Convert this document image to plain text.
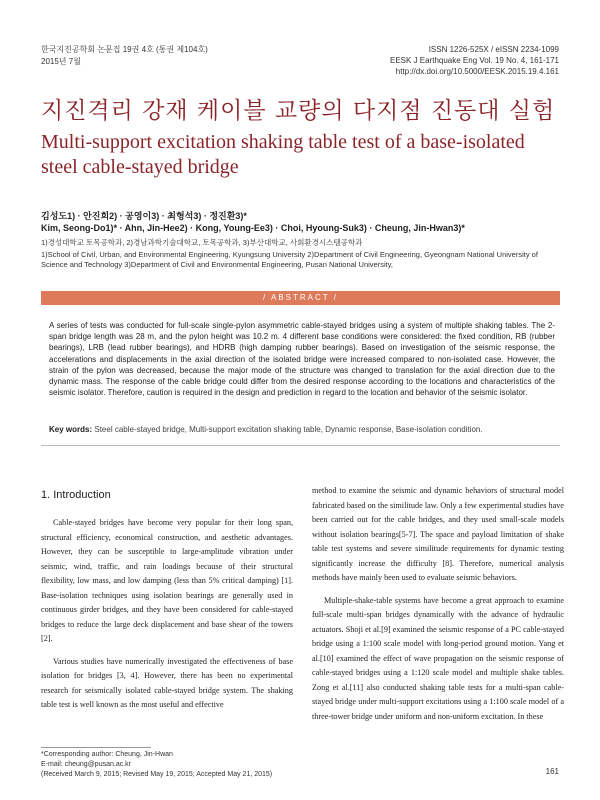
한국지진공학회 논문집 19권 4호 (통권 제104호)
2015년 7월
ISSN 1226-525X / eISSN 2234-1099
EESK J Earthquake Eng Vol. 19 No. 4, 161-171
http://dx.doi.org/10.5000/EESK.2015.19.4.161
지진격리 강재 케이블 교량의 다지점 진동대 실험
Multi-support excitation shaking table test of a base-isolated steel cable-stayed bridge
김성도1) · 안진희2) · 공영이3) · 최형석3) · 정진환3)*
Kim, Seong-Do1)* · Ahn, Jin-Hee2) · Kong, Young-Ee3) · Choi, Hyoung-Suk3) · Cheung, Jin-Hwan3)*
1)경성대학교 토목공학과, 2)경남과학기술대학교, 토목공학과, 3)부산대학교, 사회환경시스템공학과
1)School of Civil, Urban, and Environmental Engineering, Kyungsung University 2)Department of Civil Engineering, Gyeongnam National University of Science and Technology 3)Department of Civil and Environmental Engineering, Pusan National University,
/ ABSTRACT /
A series of tests was conducted for full-scale single-pylon asymmetric cable-stayed bridges using a system of multiple shaking tables. The 2-span bridge length was 28 m, and the pylon height was 10.2 m. 4 different base conditions were considered: the fixed condition, RB (rubber bearings), LRB (lead rubber bearings), and HDRB (high damping rubber bearings). Based on investigation of the seismic response, the accelerations and displacements in the axial direction of the isolated bridge were increased compared to non-isolated case. However, the strain of the pylon was decreased, because the major mode of the structure was changed to translation for the axial direction due to the dynamic mass. The response of the cable bridge could differ from the desired response according to the locations and characteristics of the seismic isolator. Therefore, caution is required in the design and prediction in regard to the location and behavior of the seismic isolator.
Key words: Steel cable-stayed bridge, Multi-support excitation shaking table, Dynamic response, Base-isolation condition.
1. Introduction

Cable-stayed bridges have become very popular for their long span, structural efficiency, economical construction, and aesthetic advantages. However, they can be susceptible to large-amplitude vibration under seismic, wind, traffic, and rain loadings because of their structural flexibility, low mass, and low damping (less than 5% critical damping) [1]. Base-isolation techniques using isolation bearings are generally used in continuous girder bridges, and they have been considered for cable-stayed bridges to reduce the large deck displacement and base shear of the towers [2].

Various studies have numerically investigated the effectiveness of base isolation for bridges [3, 4]. However, there has been no experimental research for seismically isolated cable-stayed bridge system. The shaking table test is well known as the most useful and effective

method to examine the seismic and dynamic behaviors of structural model fabricated based on the similitude law. Only a few experimental studies have been carried out for the cable bridges, and they used small-scale models without isolation bearings[5-7]. The space and payload limitation of shake table test systems and severe similitude requirements for dynamic testing significantly increase the difficulty [8]. Therefore, numerical analysis methods have mainly been used to evaluate seismic behaviors.

Multiple-shake-table systems have become a great approach to examine full-scale multi-span bridges dynamically with the advance of hydraulic actuators. Shoji et al.[9] examined the seismic response of a PC cable-stayed bridge using a 1:100 scale model with long-period ground motion. Yang et al.[10] examined the effect of wave propagation on the seismic response of cable-stayed bridges using a 1:120 scale model and multiple shake tables. Zong et al.[11] also conducted shaking table tests for a multi-span cable-stayed bridge under multi-support excitations using a 1:100 scale model of a three-tower bridge under uniform and non-uniform excitation. In these

*Corresponding author: Cheung, Jin-Hwan
E-mail: cheung@pusan.ac.kr
(Received March 9, 2015; Revised May 19, 2015; Accepted May 21, 2015)	161
